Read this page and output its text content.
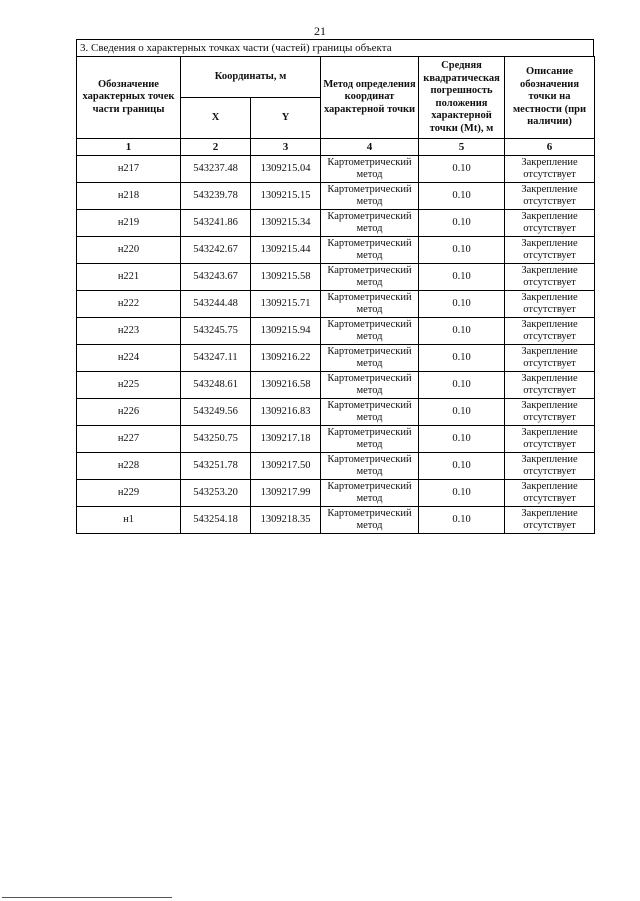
21
3. Сведения о характерных точках части (частей) границы объекта
Обозначение характерных точек части границы	Координаты, м		Метод определения координат характерной точки	Средняя квадратическая погрешность положения характерной точки (Mt), м	Описание обозначения точки на местности (при наличии)
	X	Y			
1	2	3	4	5	6
н217	543237.48	1309215.04	Картометрический метод	0.10	Закрепление отсутствует
н218	543239.78	1309215.15	Картометрический метод	0.10	Закрепление отсутствует
н219	543241.86	1309215.34	Картометрический метод	0.10	Закрепление отсутствует
н220	543242.67	1309215.44	Картометрический метод	0.10	Закрепление отсутствует
н221	543243.67	1309215.58	Картометрический метод	0.10	Закрепление отсутствует
н222	543244.48	1309215.71	Картометрический метод	0.10	Закрепление отсутствует
н223	543245.75	1309215.94	Картометрический метод	0.10	Закрепление отсутствует
н224	543247.11	1309216.22	Картометрический метод	0.10	Закрепление отсутствует
н225	543248.61	1309216.58	Картометрический метод	0.10	Закрепление отсутствует
н226	543249.56	1309216.83	Картометрический метод	0.10	Закрепление отсутствует
н227	543250.75	1309217.18	Картометрический метод	0.10	Закрепление отсутствует
н228	543251.78	1309217.50	Картометрический метод	0.10	Закрепление отсутствует
н229	543253.20	1309217.99	Картометрический метод	0.10	Закрепление отсутствует
н1	543254.18	1309218.35	Картометрический метод	0.10	Закрепление отсутствует
